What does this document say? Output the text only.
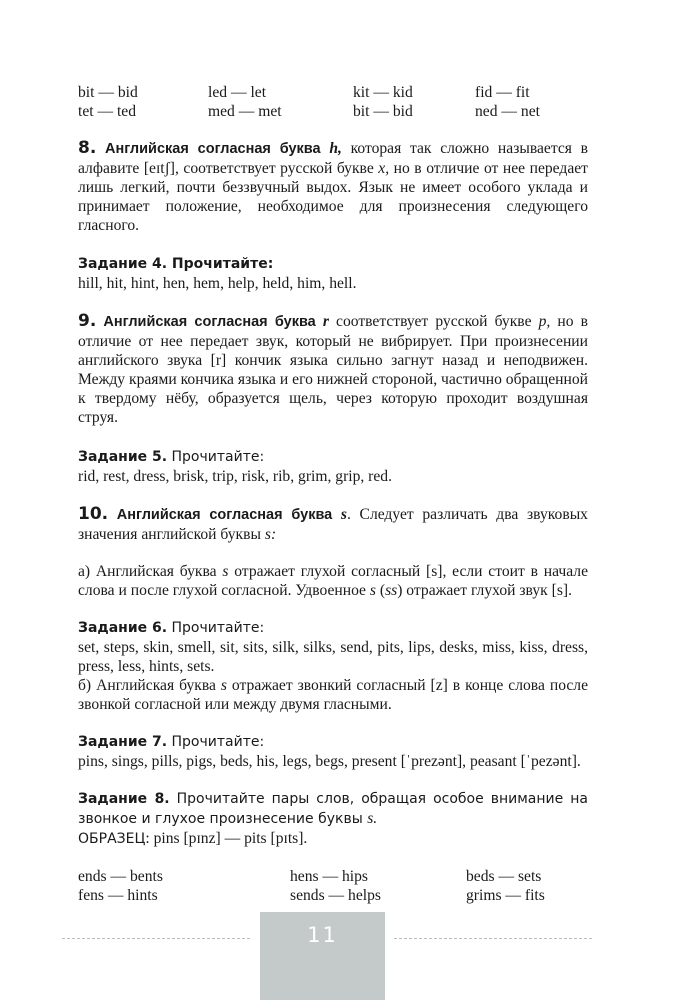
bit — bid	led — let	kit — kid	fid — fit
tet — ted	med — met	bit — bid	ned — net

8. Английская согласная буква h, которая так сложно называется в алфавите [eɪtʃ], соответствует русской букве х, но в отличие от нее передает лишь легкий, почти беззвучный выдох. Язык не имеет особого уклада и принимает положение, необходимое для произнесения следующего гласного.

Задание 4. Прочитайте:
hill, hit, hint, hen, hem, help, held, him, hell.

9. Английская согласная буква r соответствует русской букве р, но в отличие от нее передает звук, который не вибрирует. При произнесении английского звука [r] кончик языка сильно загнут назад и неподвижен. Между краями кончика языка и его нижней стороной, частично обращенной к твердому нёбу, образуется щель, через которую проходит воздушная струя.

Задание 5. Прочитайте:
rid, rest, dress, brisk, trip, risk, rib, grim, grip, red.

10. Английская согласная буква s. Следует различать два звуковых значения английской буквы s:

а) Английская буква s отражает глухой согласный [s], если стоит в начале слова и после глухой согласной. Удвоенное s (ss) отражает глухой звук [s].

Задание 6. Прочитайте:

set, steps, skin, smell, sit, sits, silk, silks, send, pits, lips, desks, miss, kiss, dress, press, less, hints, sets.

б) Английская буква s отражает звонкий согласный [z] в конце слова после звонкой согласной или между двумя гласными.

Задание 7. Прочитайте:

pins, sings, pills, pigs, beds, his, legs, begs, present [ˈprezənt], peasant [ˈpezənt].

Задание 8. Прочитайте пары слов, обращая особое внимание на звонкое и глухое произнесение буквы s.

ОБРАЗЕЦ: pins [pɪnz] — pits [pɪts].
ends — bents	hens — hips	beds — sets
fens — hints	sends — helps	grims — fits
11
